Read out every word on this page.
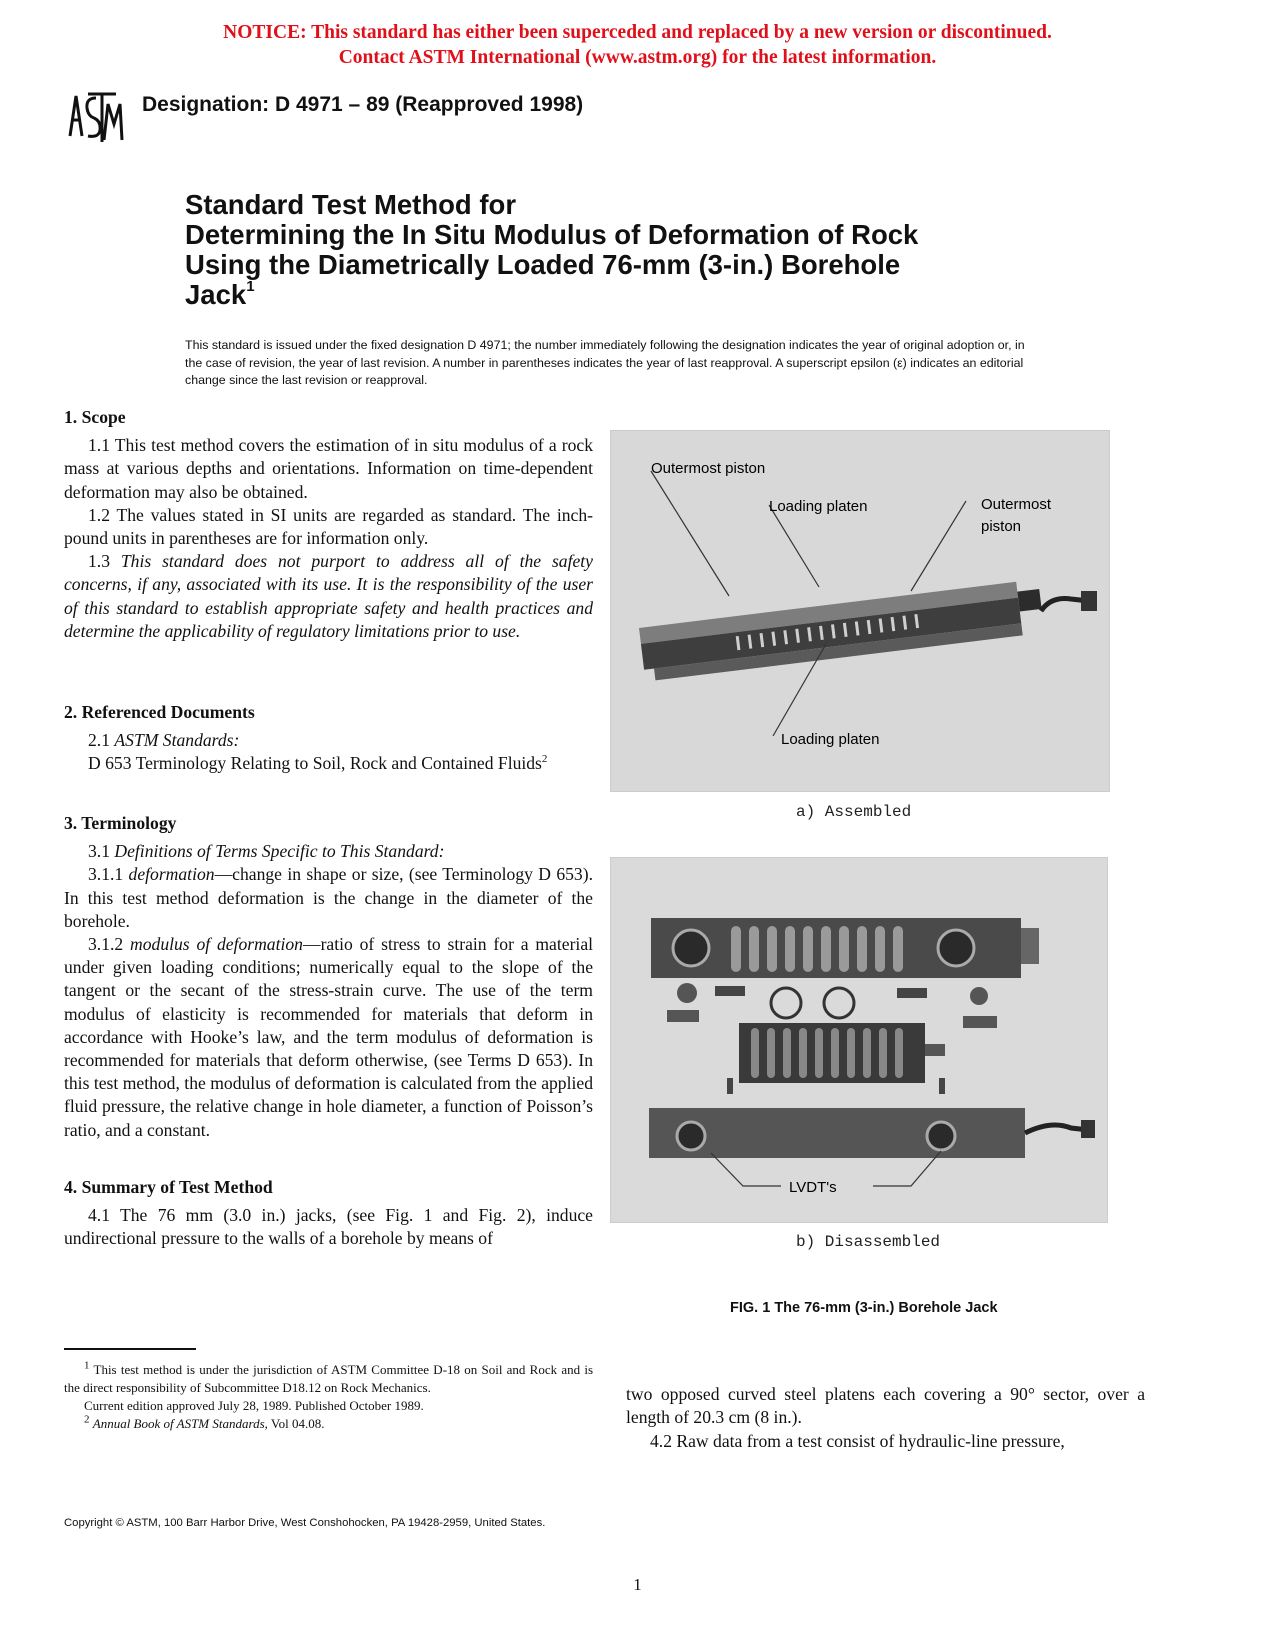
NOTICE: This standard has either been superceded and replaced by a new version or discontinued.
Contact ASTM International (www.astm.org) for the latest information.
Designation: D 4971 – 89 (Reapproved 1998)
Standard Test Method for
Determining the In Situ Modulus of Deformation of Rock
Using the Diametrically Loaded 76-mm (3-in.) Borehole
Jack$^1$
This standard is issued under the fixed designation D 4971; the number immediately following the designation indicates the year of original adoption or, in the case of revision, the year of last revision. A number in parentheses indicates the year of last reapproval. A superscript epsilon (ε) indicates an editorial change since the last revision or reapproval.

1. Scope

1.1 This test method covers the estimation of in situ modulus of a rock mass at various depths and orientations. Information on time-dependent deformation may also be obtained.

1.2 The values stated in SI units are regarded as standard. The inch-pound units in parentheses are for information only.

1.3 This standard does not purport to address all of the safety concerns, if any, associated with its use. It is the responsibility of the user of this standard to establish appropriate safety and health practices and determine the applicability of regulatory limitations prior to use.

2. Referenced Documents

2.1 ASTM Standards:

D 653 Terminology Relating to Soil, Rock and Contained Fluids$^2$

3. Terminology

3.1 Definitions of Terms Specific to This Standard:

3.1.1 deformation—change in shape or size, (see Terminology D 653). In this test method deformation is the change in the diameter of the borehole.

3.1.2 modulus of deformation—ratio of stress to strain for a material under given loading conditions; numerically equal to the slope of the tangent or the secant of the stress-strain curve. The use of the term modulus of elasticity is recommended for materials that deform in accordance with Hooke’s law, and the term modulus of deformation is recommended for materials that deform otherwise, (see Terms D 653). In this test method, the modulus of deformation is calculated from the applied fluid pressure, the relative change in hole diameter, a function of Poisson’s ratio, and a constant.

4. Summary of Test Method

4.1 The 76 mm (3.0 in.) jacks, (see Fig. 1 and Fig. 2), induce undirectional pressure to the walls of a borehole by means of

Outermost piston
Loading platen	Outermost
piston
Loading platen
a) Assembled
LVDT's
b) Disassembled
FIG. 1 The 76-mm (3-in.) Borehole Jack

$^1$ This test method is under the jurisdiction of ASTM Committee D-18 on Soil and Rock and is the direct responsibility of Subcommittee D18.12 on Rock Mechanics.

Current edition approved July 28, 1989. Published October 1989.

$^2$ Annual Book of ASTM Standards, Vol 04.08.

two opposed curved steel platens each covering a 90° sector, over a length of 20.3 cm (8 in.).

4.2 Raw data from a test consist of hydraulic-line pressure,

Copyright © ASTM, 100 Barr Harbor Drive, West Conshohocken, PA 19428-2959, United States.
1
